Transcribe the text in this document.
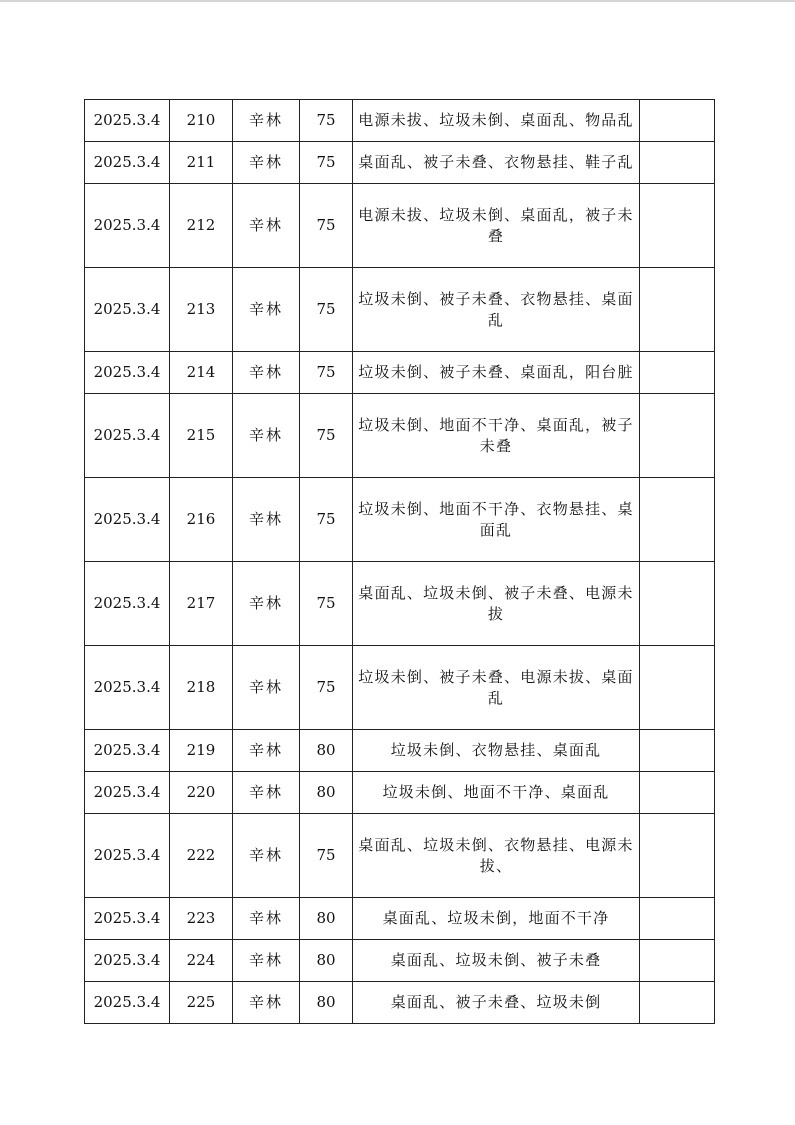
2025.3.4	210	辛林	75	电源未拔、垃圾未倒、桌面乱、物品乱	
2025.3.4	211	辛林	75	桌面乱、被子未叠、衣物悬挂、鞋子乱	
2025.3.4	212	辛林	75	电源未拔、垃圾未倒、桌面乱，被子未叠	
2025.3.4	213	辛林	75	垃圾未倒、被子未叠、衣物悬挂、桌面乱	
2025.3.4	214	辛林	75	垃圾未倒、被子未叠、桌面乱，阳台脏	
2025.3.4	215	辛林	75	垃圾未倒、地面不干净、桌面乱，被子未叠	
2025.3.4	216	辛林	75	垃圾未倒、地面不干净、衣物悬挂、桌面乱	
2025.3.4	217	辛林	75	桌面乱、垃圾未倒、被子未叠、电源未拔	
2025.3.4	218	辛林	75	垃圾未倒、被子未叠、电源未拔、桌面乱	
2025.3.4	219	辛林	80	垃圾未倒、衣物悬挂、桌面乱	
2025.3.4	220	辛林	80	垃圾未倒、地面不干净、桌面乱	
2025.3.4	222	辛林	75	桌面乱、垃圾未倒、衣物悬挂、电源未拔、	
2025.3.4	223	辛林	80	桌面乱、垃圾未倒，地面不干净	
2025.3.4	224	辛林	80	桌面乱、垃圾未倒、被子未叠	
2025.3.4	225	辛林	80	桌面乱、被子未叠、垃圾未倒	
